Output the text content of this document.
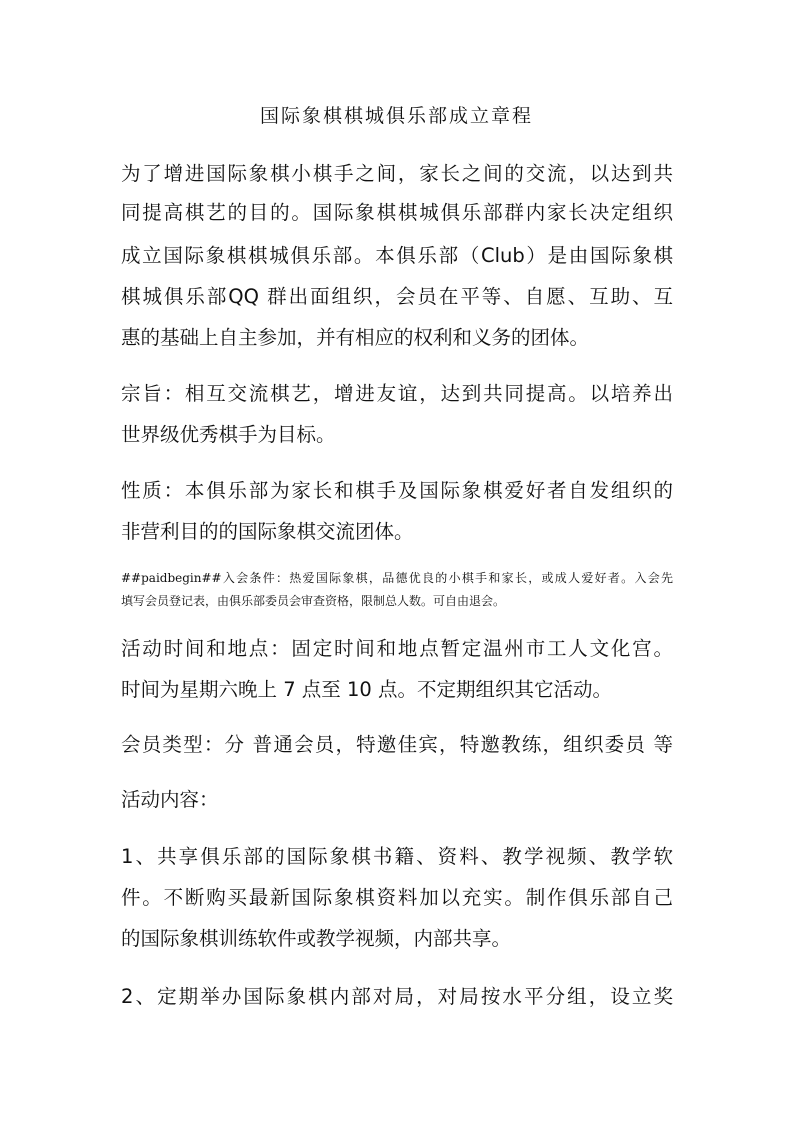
国际象棋棋城俱乐部成立章程
为了增进国际象棋小棋手之间，家长之间的交流，以达到共
同提高棋艺的目的。国际象棋棋城俱乐部群内家长决定组织
成立国际象棋棋城俱乐部。本俱乐部（Club）是由国际象棋
棋城俱乐部QQ 群出面组织，会员在平等、自愿、互助、互
惠的基础上自主参加，并有相应的权利和义务的团体。
宗旨：相互交流棋艺，增进友谊，达到共同提高。以培养出
世界级优秀棋手为目标。
性质：本俱乐部为家长和棋手及国际象棋爱好者自发组织的
非营利目的的国际象棋交流团体。
##paidbegin##入会条件：热爱国际象棋，品德优良的小棋手和家长，或成人爱好者。入会先
填写会员登记表，由俱乐部委员会审查资格，限制总人数。可自由退会。
活动时间和地点：固定时间和地点暂定温州市工人文化宫。
时间为星期六晚上 7 点至 10 点。不定期组织其它活动。
会员类型：分 普通会员，特邀佳宾，特邀教练，组织委员 等
活动内容：
1、共享俱乐部的国际象棋书籍、资料、教学视频、教学软
件。不断购买最新国际象棋资料加以充实。制作俱乐部自己
的国际象棋训练软件或教学视频，内部共享。
2、定期举办国际象棋内部对局，对局按水平分组，设立奖
